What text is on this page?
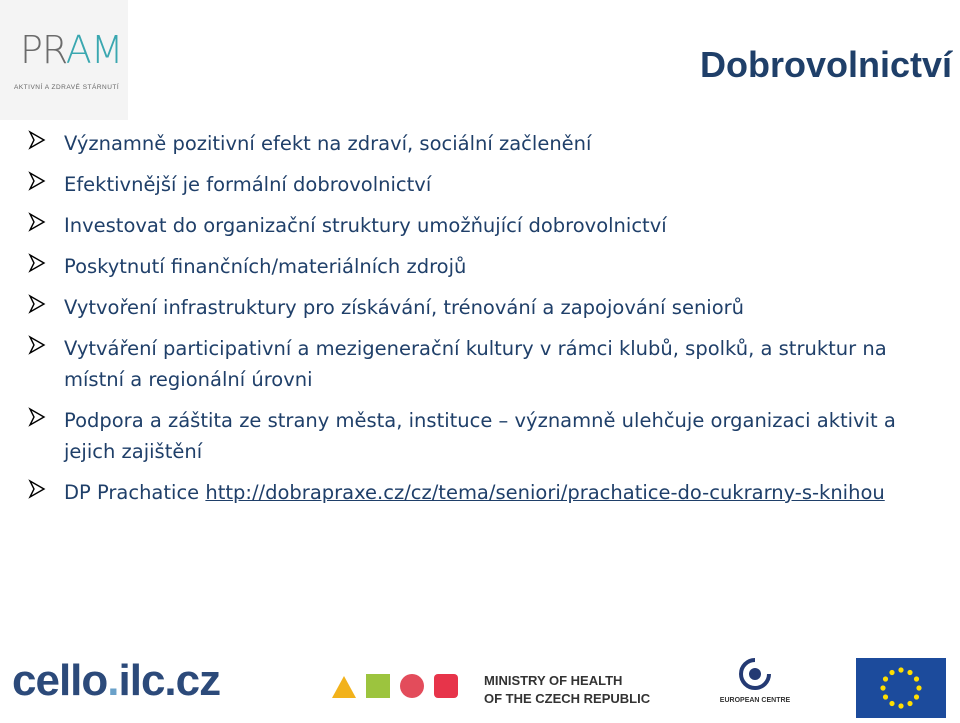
PRAM
AKTIVNÍ A ZDRAVÉ STÁRNUTÍ
Dobrovolnictví
Významně pozitivní efekt na zdraví, sociální začlenění
Efektivnější je formální dobrovolnictví
Investovat do organizační struktury umožňující dobrovolnictví
Poskytnutí finančních/materiálních zdrojů
Vytvoření infrastruktury pro získávání, trénování a zapojování seniorů
Vytváření participativní a mezigenerační kultury v rámci klubů, spolků, a struktur na místní a regionální úrovni
Podpora a záštita ze strany města, instituce – významně ulehčuje organizaci aktivit a jejich zajištění
DP Prachatice http://dobrapraxe.cz/cz/tema/seniori/prachatice-do-cukrarny-s-knihou
cello.ilc.cz	MINISTRY OF HEALTH
OF THE CZECH REPUBLIC	EUROPEAN CENTRE
